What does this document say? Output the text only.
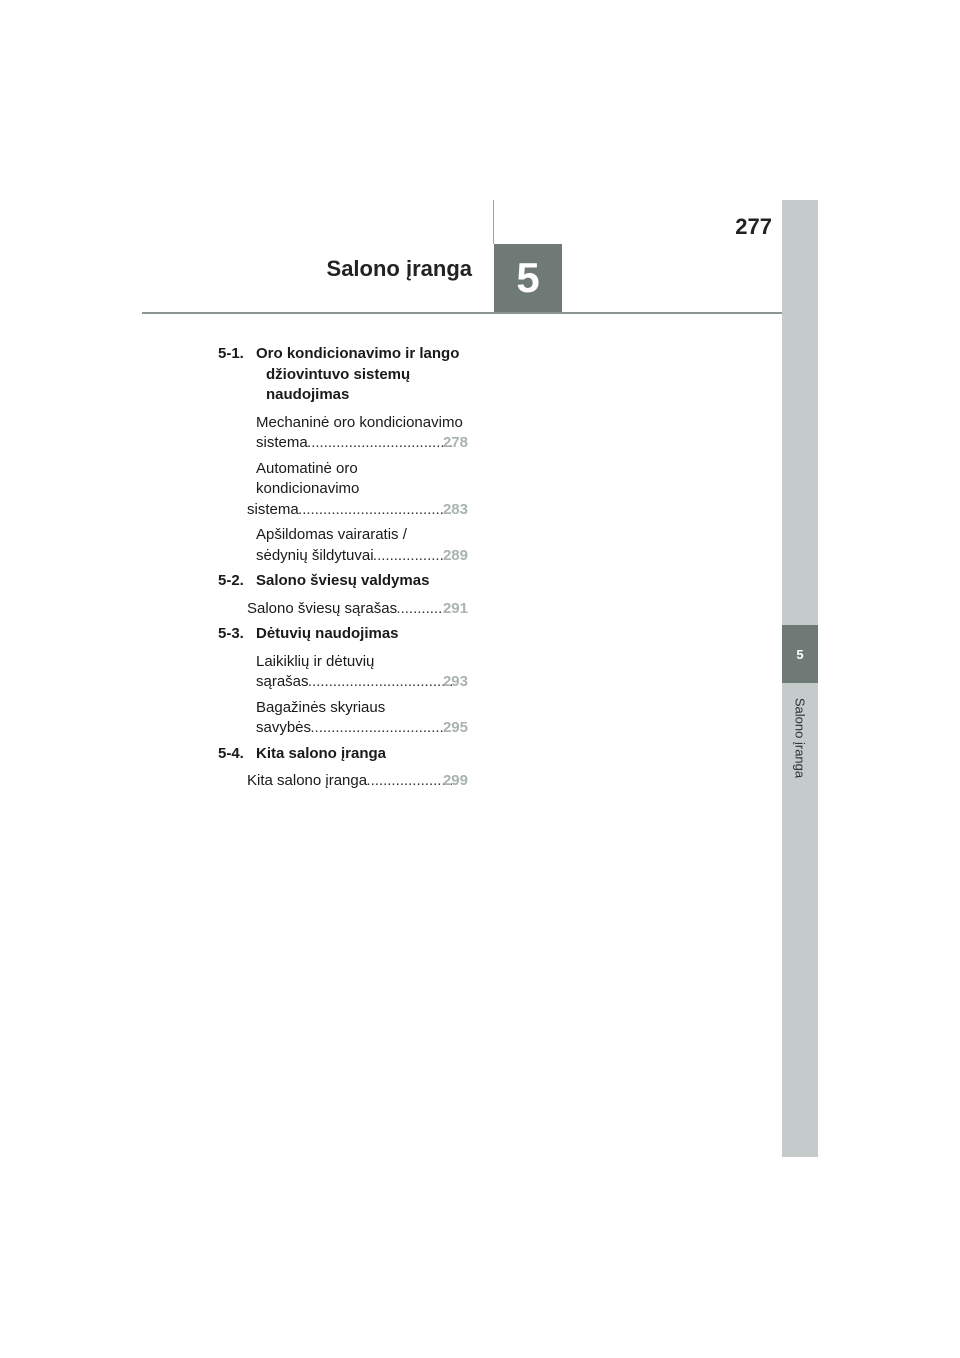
277
Salono įranga	5
5
Salono įranga
5-1. Oro kondicionavimo ir lango džiovintuvo sistemų naudojimas
Mechaninė oro kondicionavimo
sistema .....	278
Automatinė oro
kondicionavimo
sistema .....	283
Apšildomas vairaratis /
sėdynių šildytuvai .....	289
5-2. Salono šviesų valdymas
Salono šviesų sąrašas .....	291
5-3. Dėtuvių naudojimas
Laikiklių ir dėtuvių
sąrašas .....	293
Bagažinės skyriaus
savybės .....	295
5-4. Kita salono įranga
Kita salono įranga .....	299
